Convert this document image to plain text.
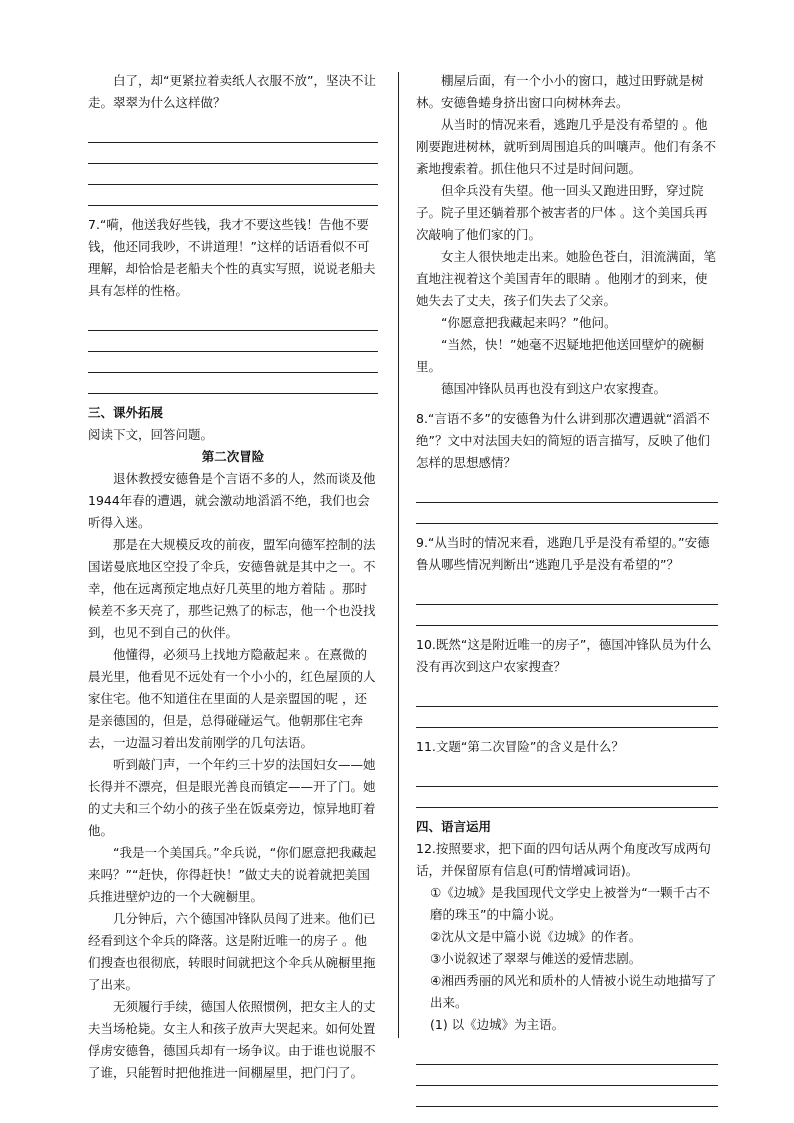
白了，却“更紧拉着卖纸人衣服不放”，坚决不让走。翠翠为什么这样做？

7.“嗬，他送我好些钱，我才不要这些钱！告他不要钱，他还同我吵，不讲道理！”这样的话语看似不可理解，却恰恰是老船夫个性的真实写照，说说老船夫具有怎样的性格。

三、课外拓展

阅读下文，回答问题。

第二次冒险

退休教授安德鲁是个言语不多的人，然而谈及他1944年春的遭遇，就会激动地滔滔不绝，我们也会听得入迷。

那是在大规模反攻的前夜，盟军向德军控制的法国诺曼底地区空投了伞兵，安德鲁就是其中之一。不幸，他在远离预定地点好几英里的地方着陆 。那时候差不多天亮了，那些记熟了的标志，他一个也没找到，也见不到自己的伙伴。

他懂得，必须马上找地方隐蔽起来 。在熹微的晨光里，他看见不远处有一个小小的，红色屋顶的人家住宅。他不知道住在里面的人是亲盟国的呢 ，还是亲德国的，但是，总得碰碰运气。他朝那住宅奔去，一边温习着出发前刚学的几句法语。

听到敲门声，一个年约三十岁的法国妇女——她长得并不漂亮，但是眼光善良而镇定——开了门。她的丈夫和三个幼小的孩子坐在饭桌旁边，惊异地盯着他。

“我是一个美国兵。”伞兵说，“你们愿意把我藏起来吗？”“赶快，你得赶快！”做丈夫的说着就把美国兵推进壁炉边的一个大碗橱里。

几分钟后，六个德国冲锋队员闯了进来。他们已经看到这个伞兵的降落。这是附近唯一的房子 。他们搜查也很彻底，转眼时间就把这个伞兵从碗橱里拖了出来。

无须履行手续，德国人依照惯例，把女主人的丈夫当场枪毙。女主人和孩子放声大哭起来。如何处置俘虏安德鲁，德国兵却有一场争议。由于谁也说服不了谁，只能暂时把他推进一间棚屋里，把门闩了。

棚屋后面，有一个小小的窗口，越过田野就是树林。安德鲁蜷身挤出窗口向树林奔去。

从当时的情况来看，逃跑几乎是没有希望的 。他刚要跑进树林，就听到周围追兵的叫嚷声。他们有条不紊地搜索着。抓住他只不过是时间问题。

但伞兵没有失望。他一回头又跑进田野，穿过院子。院子里还躺着那个被害者的尸体 。这个美国兵再次敲响了他们家的门。

女主人很快地走出来。她脸色苍白，泪流满面，笔直地注视着这个美国青年的眼睛 。他刚才的到来，使她失去了丈夫，孩子们失去了父亲。

“你愿意把我藏起来吗？”他问。

“当然，快！”她毫不迟疑地把他送回壁炉的碗橱里。

德国冲锋队员再也没有到这户农家搜查。

8.“言语不多”的安德鲁为什么讲到那次遭遇就“滔滔不绝”？文中对法国夫妇的简短的语言描写，反映了他们怎样的思想感情？

9.“从当时的情况来看，逃跑几乎是没有希望的。”安德鲁从哪些情况判断出“逃跑几乎是没有希望的”？

10.既然“这是附近唯一的房子”，德国冲锋队员为什么没有再次到这户农家搜查？

11.文题“第二次冒险”的含义是什么？

四、语言运用

12.按照要求，把下面的四句话从两个角度改写成两句话，并保留原有信息(可酌情增减词语)。

①《边城》是我国现代文学史上被誉为“一颗千古不磨的珠玉”的中篇小说。

②沈从文是中篇小说《边城》的作者。

③小说叙述了翠翠与傩送的爱情悲剧。

④湘西秀丽的风光和质朴的人情被小说生动地描写了出来。

(1) 以《边城》为主语。
